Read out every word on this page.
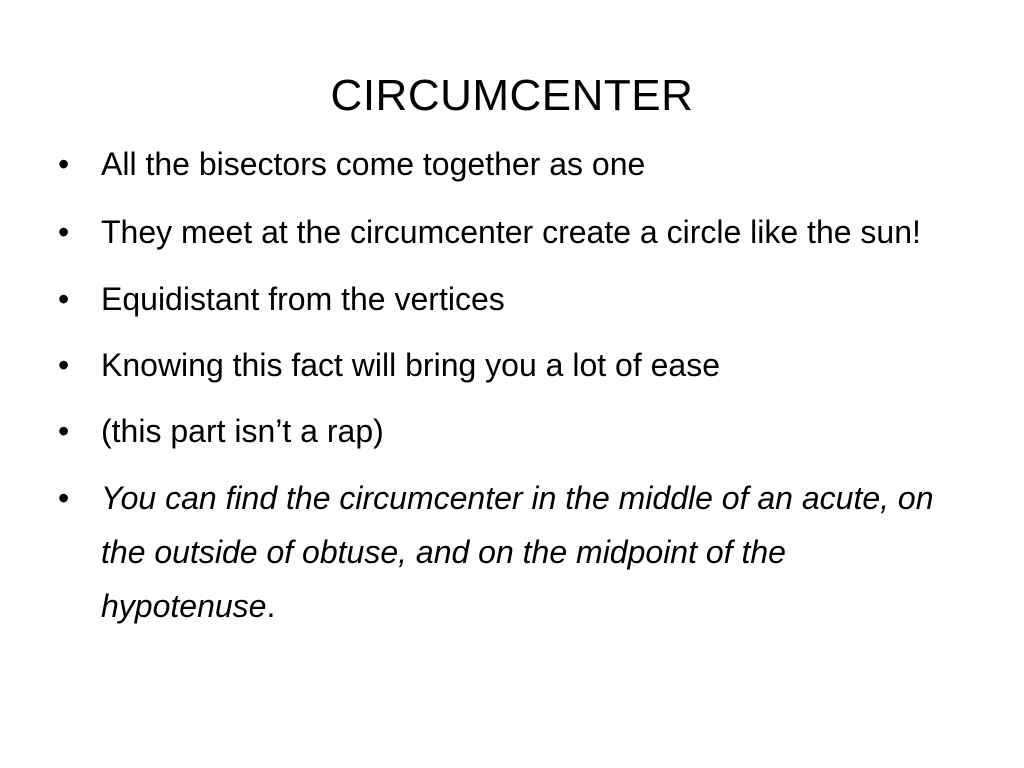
CIRCUMCENTER
• All the bisectors come together as one
• They meet at the circumcenter create a circle like the sun!
• Equidistant from the vertices
• Knowing this fact will bring you a lot of ease
• (this part isn’t a rap)
• You can find the circumcenter in the middle of an acute, on the outside of obtuse, and on the midpoint of the hypotenuse.
